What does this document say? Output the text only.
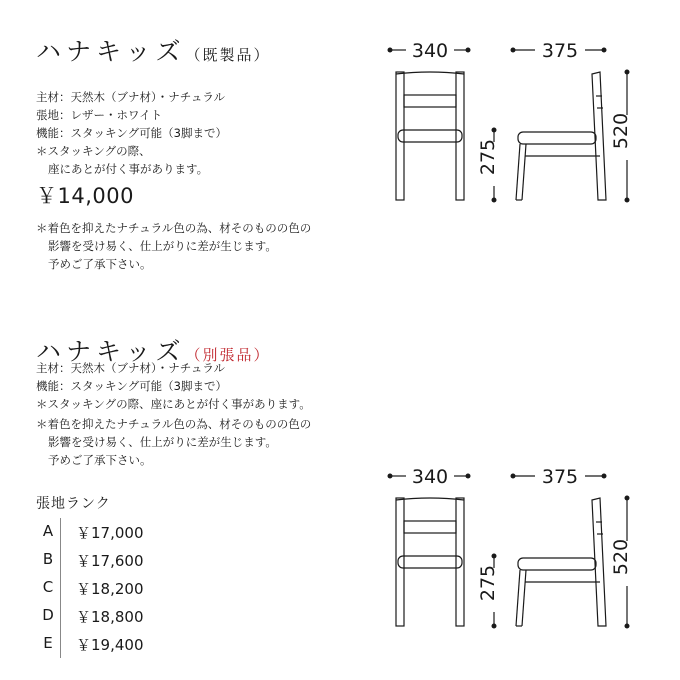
ハナキッズ（既製品）
主材：天然木（ブナ材）・ナチュラル
張地：レザー・ホワイト
機能：スタッキング可能（3脚まで）
＊スタッキングの際、
座にあとが付く事があります。
￥14,000
＊着色を抑えたナチュラル色の為、材そのものの色の
影響を受け易く、仕上がりに差が生じます。
予めご了承下さい。
340	375
275
520
ハナキッズ（別張品）
主材：天然木（ブナ材）・ナチュラル
機能：スタッキング可能（3脚まで）
＊スタッキングの際、座にあとが付く事があります。
＊着色を抑えたナチュラル色の為、材そのものの色の
影響を受け易く、仕上がりに差が生じます。
予めご了承下さい。
張地ランク
A	￥17,000
B	￥17,600
C	￥18,200
D	￥18,800
E	￥19,400
340	375
275
520
